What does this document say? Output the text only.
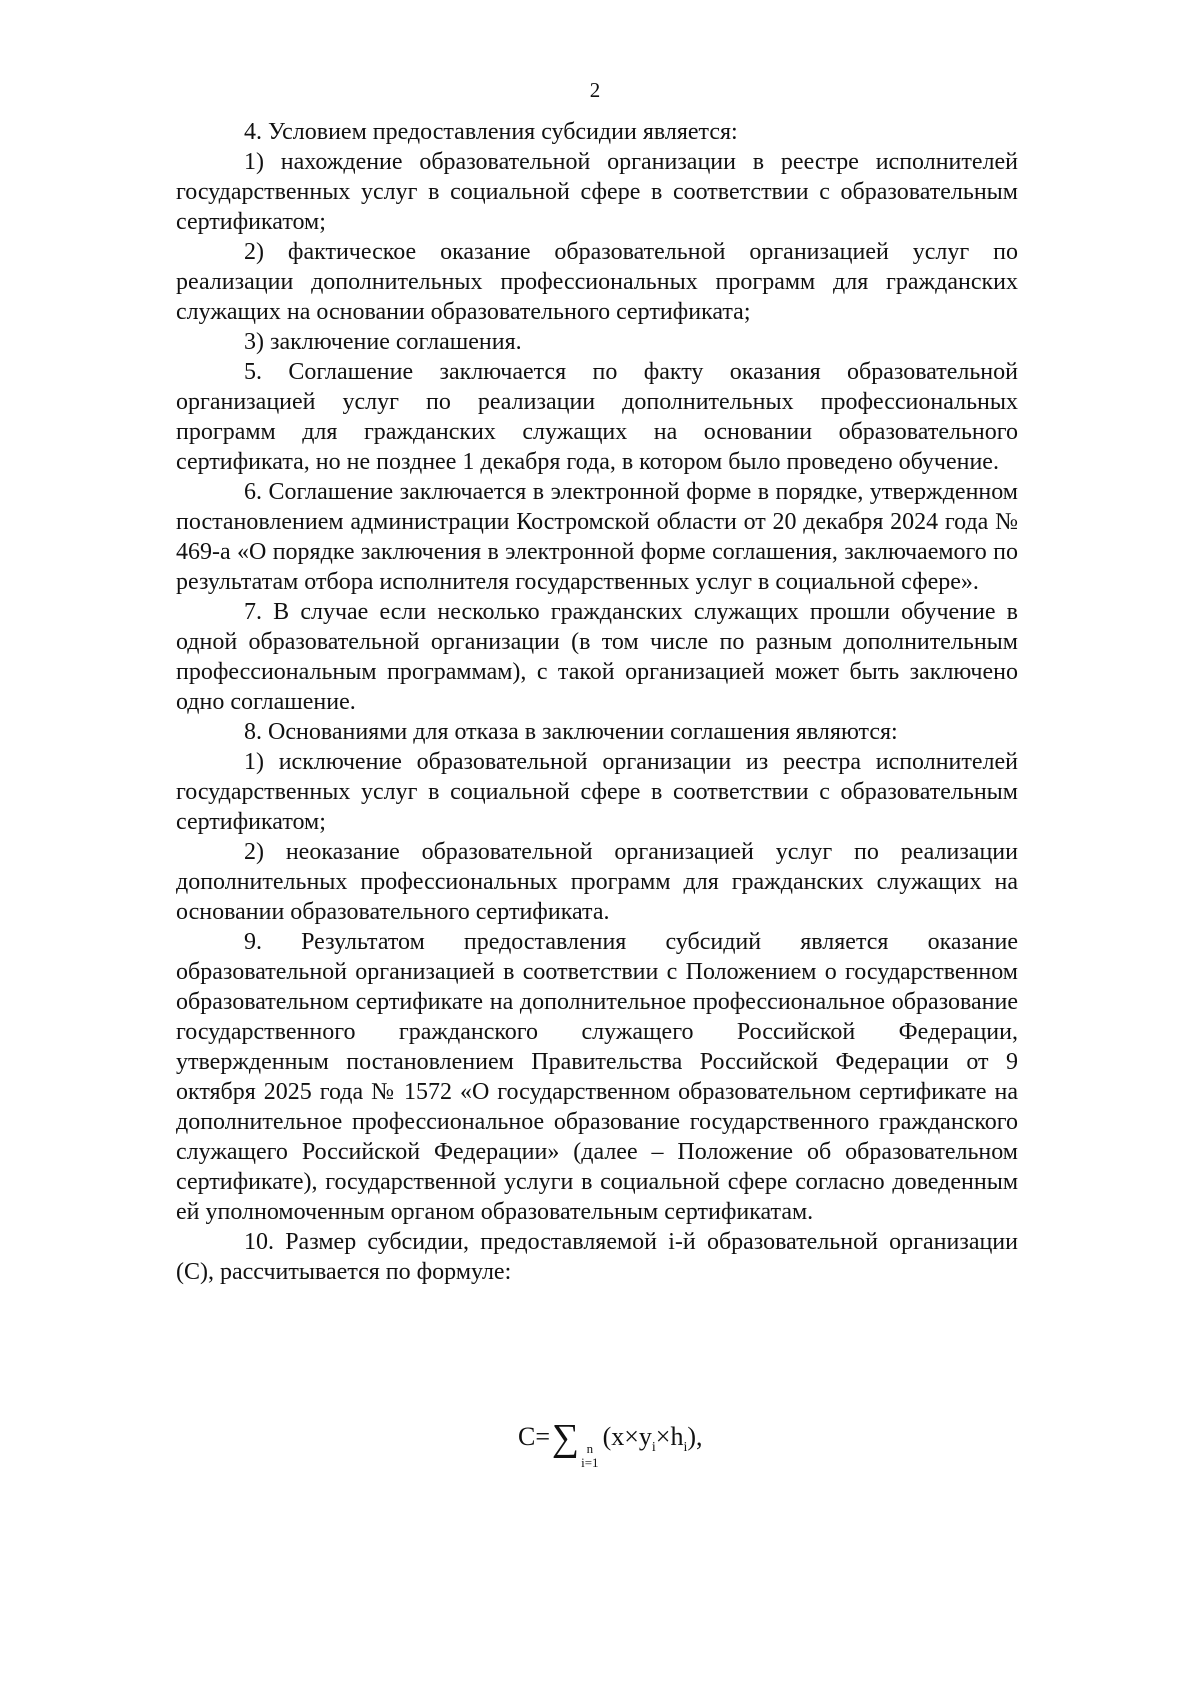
2

4. Условием предоставления субсидии является:

1) нахождение образовательной организации в реестре исполнителей государственных услуг в социальной сфере в соответствии с образовательным сертификатом;

2) фактическое оказание образовательной организацией услуг по реализации дополнительных профессиональных программ для гражданских служащих на основании образовательного сертификата;

3) заключение соглашения.

5. Соглашение заключается по факту оказания образовательной организацией услуг по реализации дополнительных профессиональных программ для гражданских служащих на основании образовательного сертификата, но не позднее 1 декабря года, в котором было проведено обучение.

6. Соглашение заключается в электронной форме в порядке, утвержденном постановлением администрации Костромской области от 20 декабря 2024 года № 469-а «О порядке заключения в электронной форме соглашения, заключаемого по результатам отбора исполнителя государственных услуг в социальной сфере».

7. В случае если несколько гражданских служащих прошли обучение в одной образовательной организации (в том числе по разным дополнительным профессиональным программам), с такой организацией может быть заключено одно соглашение.

8. Основаниями для отказа в заключении соглашения являются:

1) исключение образовательной организации из реестра исполнителей государственных услуг в социальной сфере в соответствии с образовательным сертификатом;

2) неоказание образовательной организацией услуг по реализации дополнительных профессиональных программ для гражданских служащих на основании образовательного сертификата.

9. Результатом предоставления субсидий является оказание образовательной организацией в соответствии с Положением о государственном образовательном сертификате на дополнительное профессиональное образование государственного гражданского служащего Российской Федерации, утвержденным постановлением Правительства Российской Федерации от 9 октября 2025 года № 1572 «О государственном образовательном сертификате на дополнительное профессиональное образование государственного гражданского служащего Российской Федерации» (далее – Положение об образовательном сертификате), государственной услуги в социальной сфере согласно доведенным ей уполномоченным органом образовательным сертификатам.

10. Размер субсидии, предоставляемой i-й образовательной организации (C), рассчитывается по формуле:

C=∑ n
i=1
$(x\times y_i\times h_i)$,
